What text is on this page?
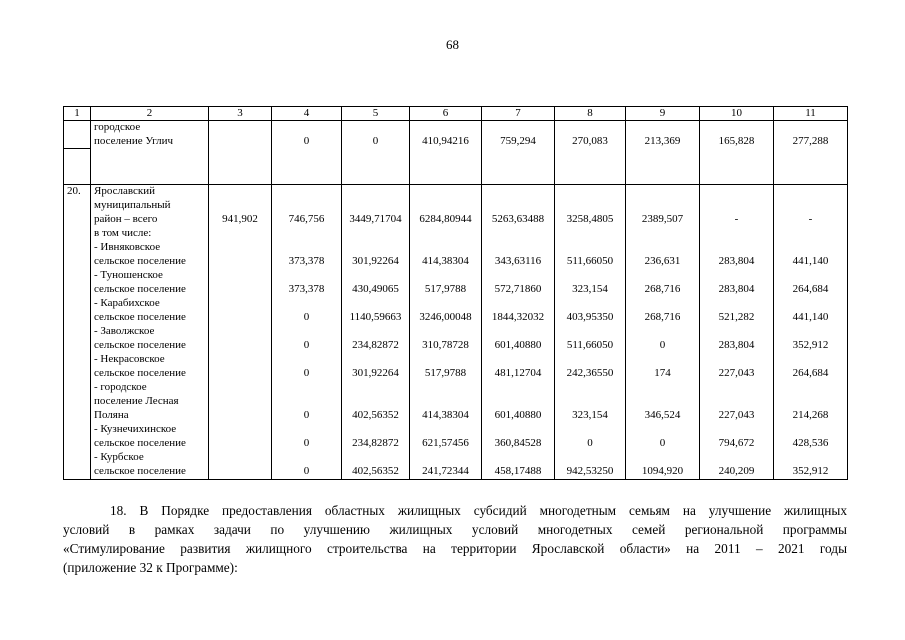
68
1	2	3	4	5	6	7	8	9	10	11
	городское									
	поселение Углич		0	0	410,94216	759,294	270,083	213,369	165,828	277,288

20.	Ярославский									
	муниципальный									
	район – всего	941,902	746,756	3449,71704	6284,80944	5263,63488	3258,4805	2389,507	-	-
	в том числе:									
	- Ивняковское									
	сельское поселение		373,378	301,92264	414,38304	343,63116	511,66050	236,631	283,804	441,140
	- Туношенское									
	сельское поселение		373,378	430,49065	517,9788	572,71860	323,154	268,716	283,804	264,684
	- Карабихское									
	сельское поселение		0	1140,59663	3246,00048	1844,32032	403,95350	268,716	521,282	441,140
	- Заволжское									
	сельское поселение		0	234,82872	310,78728	601,40880	511,66050	0	283,804	352,912
	- Некрасовское									
	сельское поселение		0	301,92264	517,9788	481,12704	242,36550	174	227,043	264,684
	- городское									
	поселение Лесная									
	Поляна		0	402,56352	414,38304	601,40880	323,154	346,524	227,043	214,268
	- Кузнечихинское									
	сельское поселение		0	234,82872	621,57456	360,84528	0	0	794,672	428,536
	- Курбское									
	сельское поселение		0	402,56352	241,72344	458,17488	942,53250	1094,920	240,209	352,912
18. В Порядке предоставления областных жилищных субсидий многодетным семьям на улучшение жилищных
условий в рамках задачи по улучшению жилищных условий многодетных семей региональной программы
«Стимулирование развития жилищного строительства на территории Ярославской области» на 2011 – 2021 годы
(приложение 32 к Программе):
